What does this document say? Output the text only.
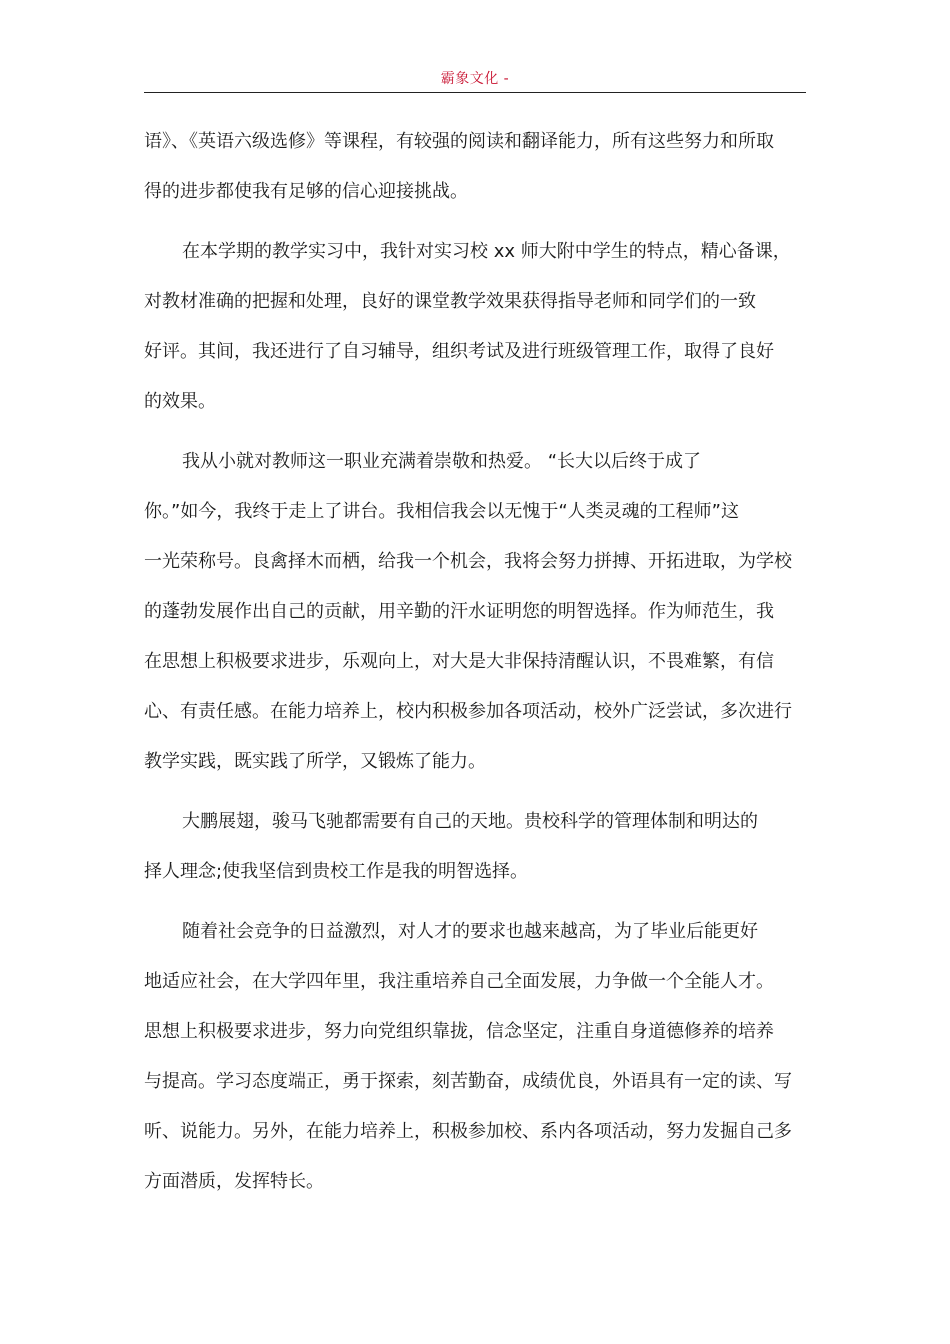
霸象文化 -
语》、《英语六级选修》等课程，有较强的阅读和翻译能力，所有这些努力和所取
得的进步都使我有足够的信心迎接挑战。
在本学期的教学实习中，我针对实习校 xx 师大附中学生的特点，精心备课，
对教材准确的把握和处理，良好的课堂教学效果获得指导老师和同学们的一致
好评。其间，我还进行了自习辅导，组织考试及进行班级管理工作，取得了良好
的效果。
我从小就对教师这一职业充满着崇敬和热爱。 “长大以后终于成了
你。”如今，我终于走上了讲台。我相信我会以无愧于“人类灵魂的工程师”这
一光荣称号。良禽择木而栖，给我一个机会，我将会努力拼搏、开拓进取，为学校
的蓬勃发展作出自己的贡献，用辛勤的汗水证明您的明智选择。作为师范生，我
在思想上积极要求进步，乐观向上，对大是大非保持清醒认识，不畏难繁，有信
心、有责任感。在能力培养上，校内积极参加各项活动，校外广泛尝试，多次进行
教学实践，既实践了所学，又锻炼了能力。
大鹏展翅，骏马飞驰都需要有自己的天地。贵校科学的管理体制和明达的
择人理念;使我坚信到贵校工作是我的明智选择。
随着社会竞争的日益激烈，对人才的要求也越来越高，为了毕业后能更好
地适应社会，在大学四年里，我注重培养自己全面发展，力争做一个全能人才。
思想上积极要求进步，努力向党组织靠拢，信念坚定，注重自身道德修养的培养
与提高。学习态度端正，勇于探索，刻苦勤奋，成绩优良，外语具有一定的读、写
听、说能力。另外，在能力培养上，积极参加校、系内各项活动，努力发掘自己多
方面潜质，发挥特长。
